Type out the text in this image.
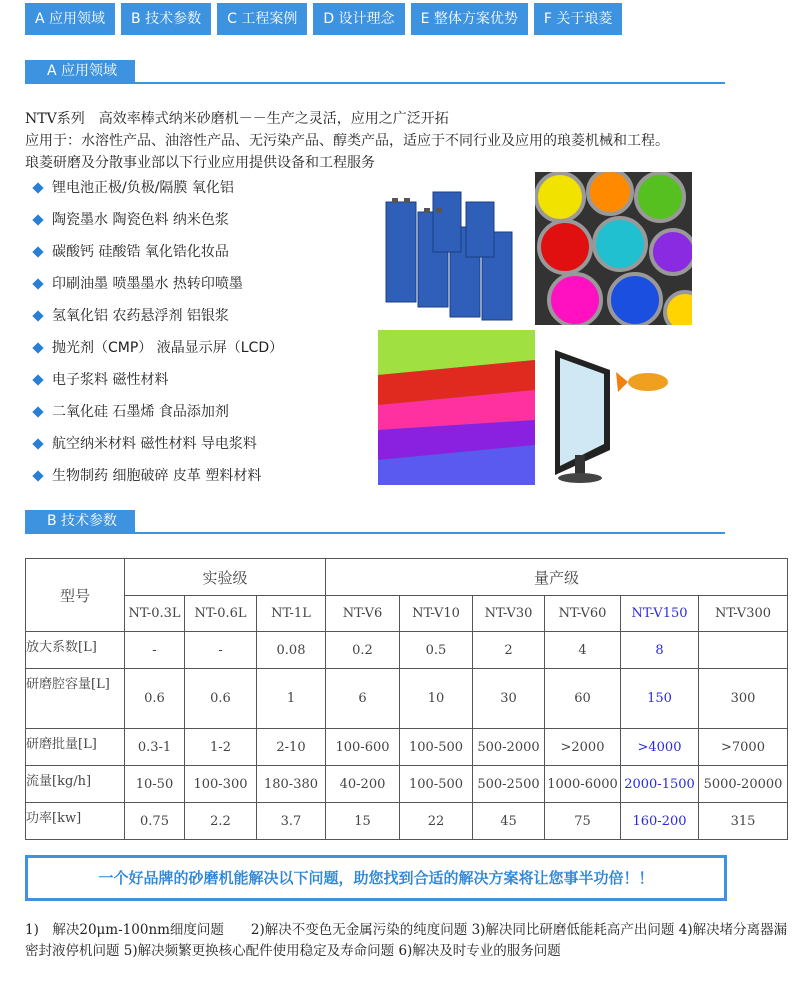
A 应用领域	B 技术参数	C 工程案例	D 设计理念	E 整体方案优势	F 关于琅菱
A 应用领域
NTV系列　高效率棒式纳米砂磨机－－生产之灵活，应用之广泛开拓
应用于：水溶性产品、油溶性产品、无污染产品、醇类产品，适应于不同行业及应用的琅菱机械和工程。
琅菱研磨及分散事业部以下行业应用提供设备和工程服务
锂电池正极/负极/隔膜 氧化铝
陶瓷墨水 陶瓷色料 纳米色浆
碳酸钙 硅酸锆 氧化锆化妆品
印刷油墨 喷墨墨水 热转印喷墨
氢氧化铝 农药悬浮剂 铝银浆
抛光剂（CMP） 液晶显示屏（LCD）
电子浆料 磁性材料
二氧化硅 石墨烯 食品添加剂
航空纳米材料 磁性材料 导电浆料
生物制药 细胞破碎 皮革 塑料材料
B 技术参数
型号	实验级			量产级					
	NT-0.3L	NT-0.6L	NT-1L	NT-V6	NT-V10	NT-V30	NT-V60	NT-V150	NT-V300
放大系数[L]	-	-	0.08	0.2	0.5	2	4	8	
研磨腔容量[L]	0.6	0.6	1	6	10	30	60	150	300
研磨批量[L]	0.3-1	1-2	2-10	100-600	100-500	500-2000	>2000	>4000	>7000
流量[kg/h]	10-50	100-300	180-380	40-200	100-500	500-2500	1000-6000	2000-1500	5000-20000
功率[kw]	0.75	2.2	3.7	15	22	45	75	160-200	315
一个好品牌的砂磨机能解决以下问题，助您找到合适的解决方案将让您事半功倍！！
1)　解决20μm-100nm细度问题　　2)解决不变色无金属污染的纯度问题 3)解决同比研磨低能耗高产出问题 4)解决堵分离器漏密封液停机问题 5)解决频繁更换核心配件使用稳定及寿命问题 6)解决及时专业的服务问题
